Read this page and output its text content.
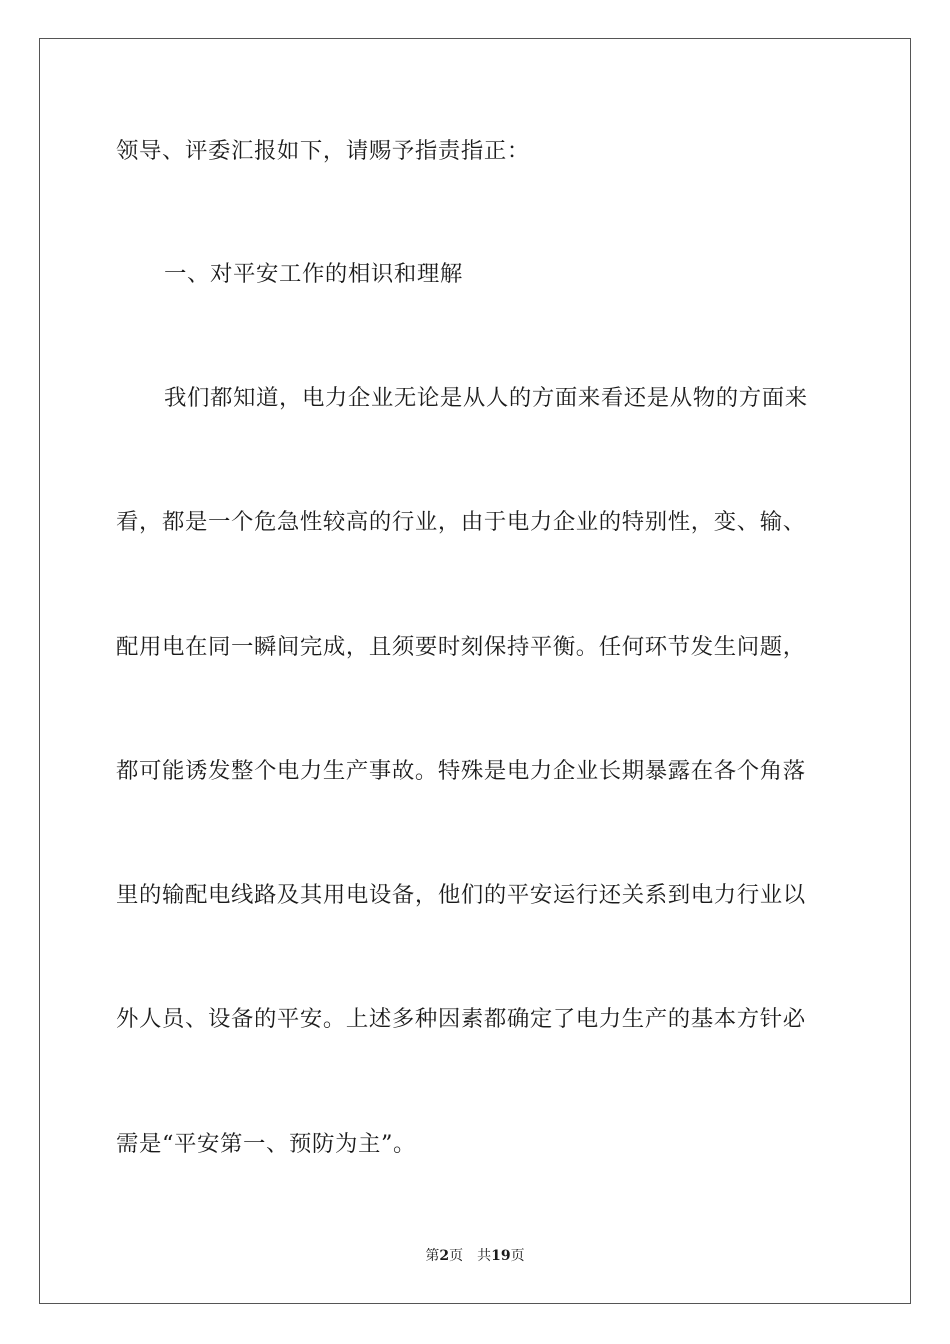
领导、评委汇报如下，请赐予指责指正：

一、对平安工作的相识和理解

我们都知道，电力企业无论是从人的方面来看还是从物的方面来

看，都是一个危急性较高的行业，由于电力企业的特别性，变、输、

配用电在同一瞬间完成，且须要时刻保持平衡。任何环节发生问题，

都可能诱发整个电力生产事故。特殊是电力企业长期暴露在各个角落

里的输配电线路及其用电设备，他们的平安运行还关系到电力行业以

外人员、设备的平安。上述多种因素都确定了电力生产的基本方针必

需是“平安第一、预防为主”。

第2页 共19页
